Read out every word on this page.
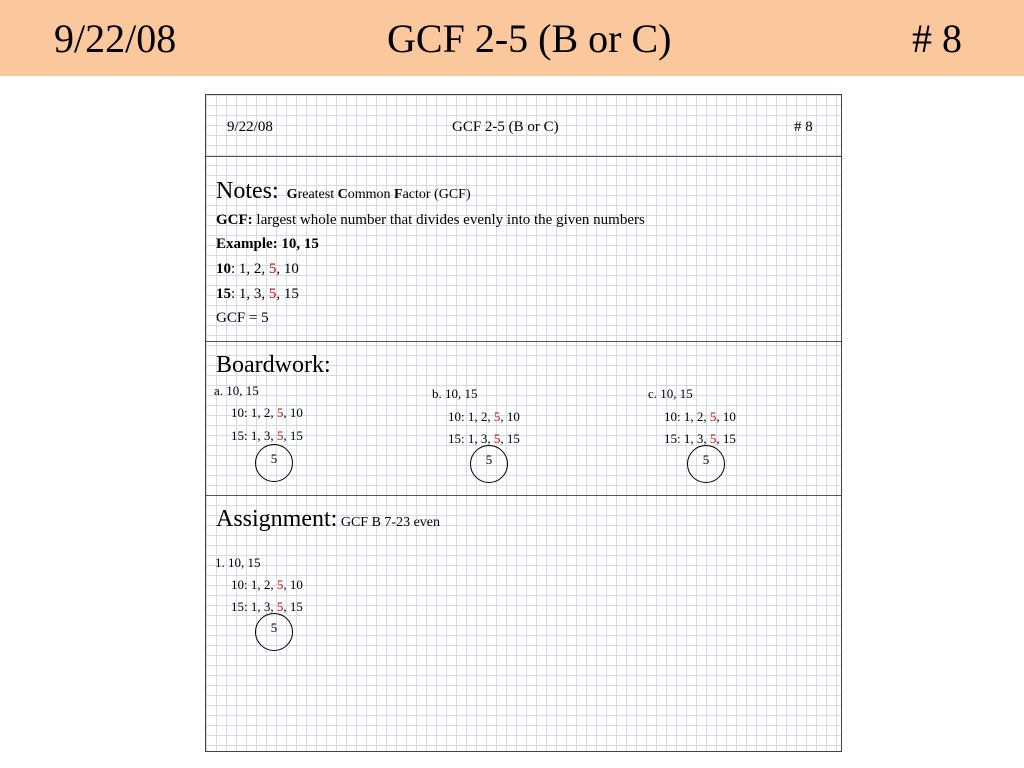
9/22/08	GCF 2-5 (B or C)	# 8
9/22/08	GCF 2-5 (B or C)	# 8
Notes: Greatest Common Factor (GCF)
GCF: largest whole number that divides evenly into the given numbers
Example: 10, 15
10: 1, 2, 5, 10
15: 1, 3, 5, 15
GCF = 5
Boardwork:
a. 10, 15
10: 1, 2, 5, 10
15: 1, 3, 5, 15
5
b. 10, 15
10: 1, 2, 5, 10
15: 1, 3, 5, 15
5
c. 10, 15
10: 1, 2, 5, 10
15: 1, 3, 5, 15
5
Assignment: GCF B 7-23 even
1. 10, 15
10: 1, 2, 5, 10
15: 1, 3, 5, 15
5
